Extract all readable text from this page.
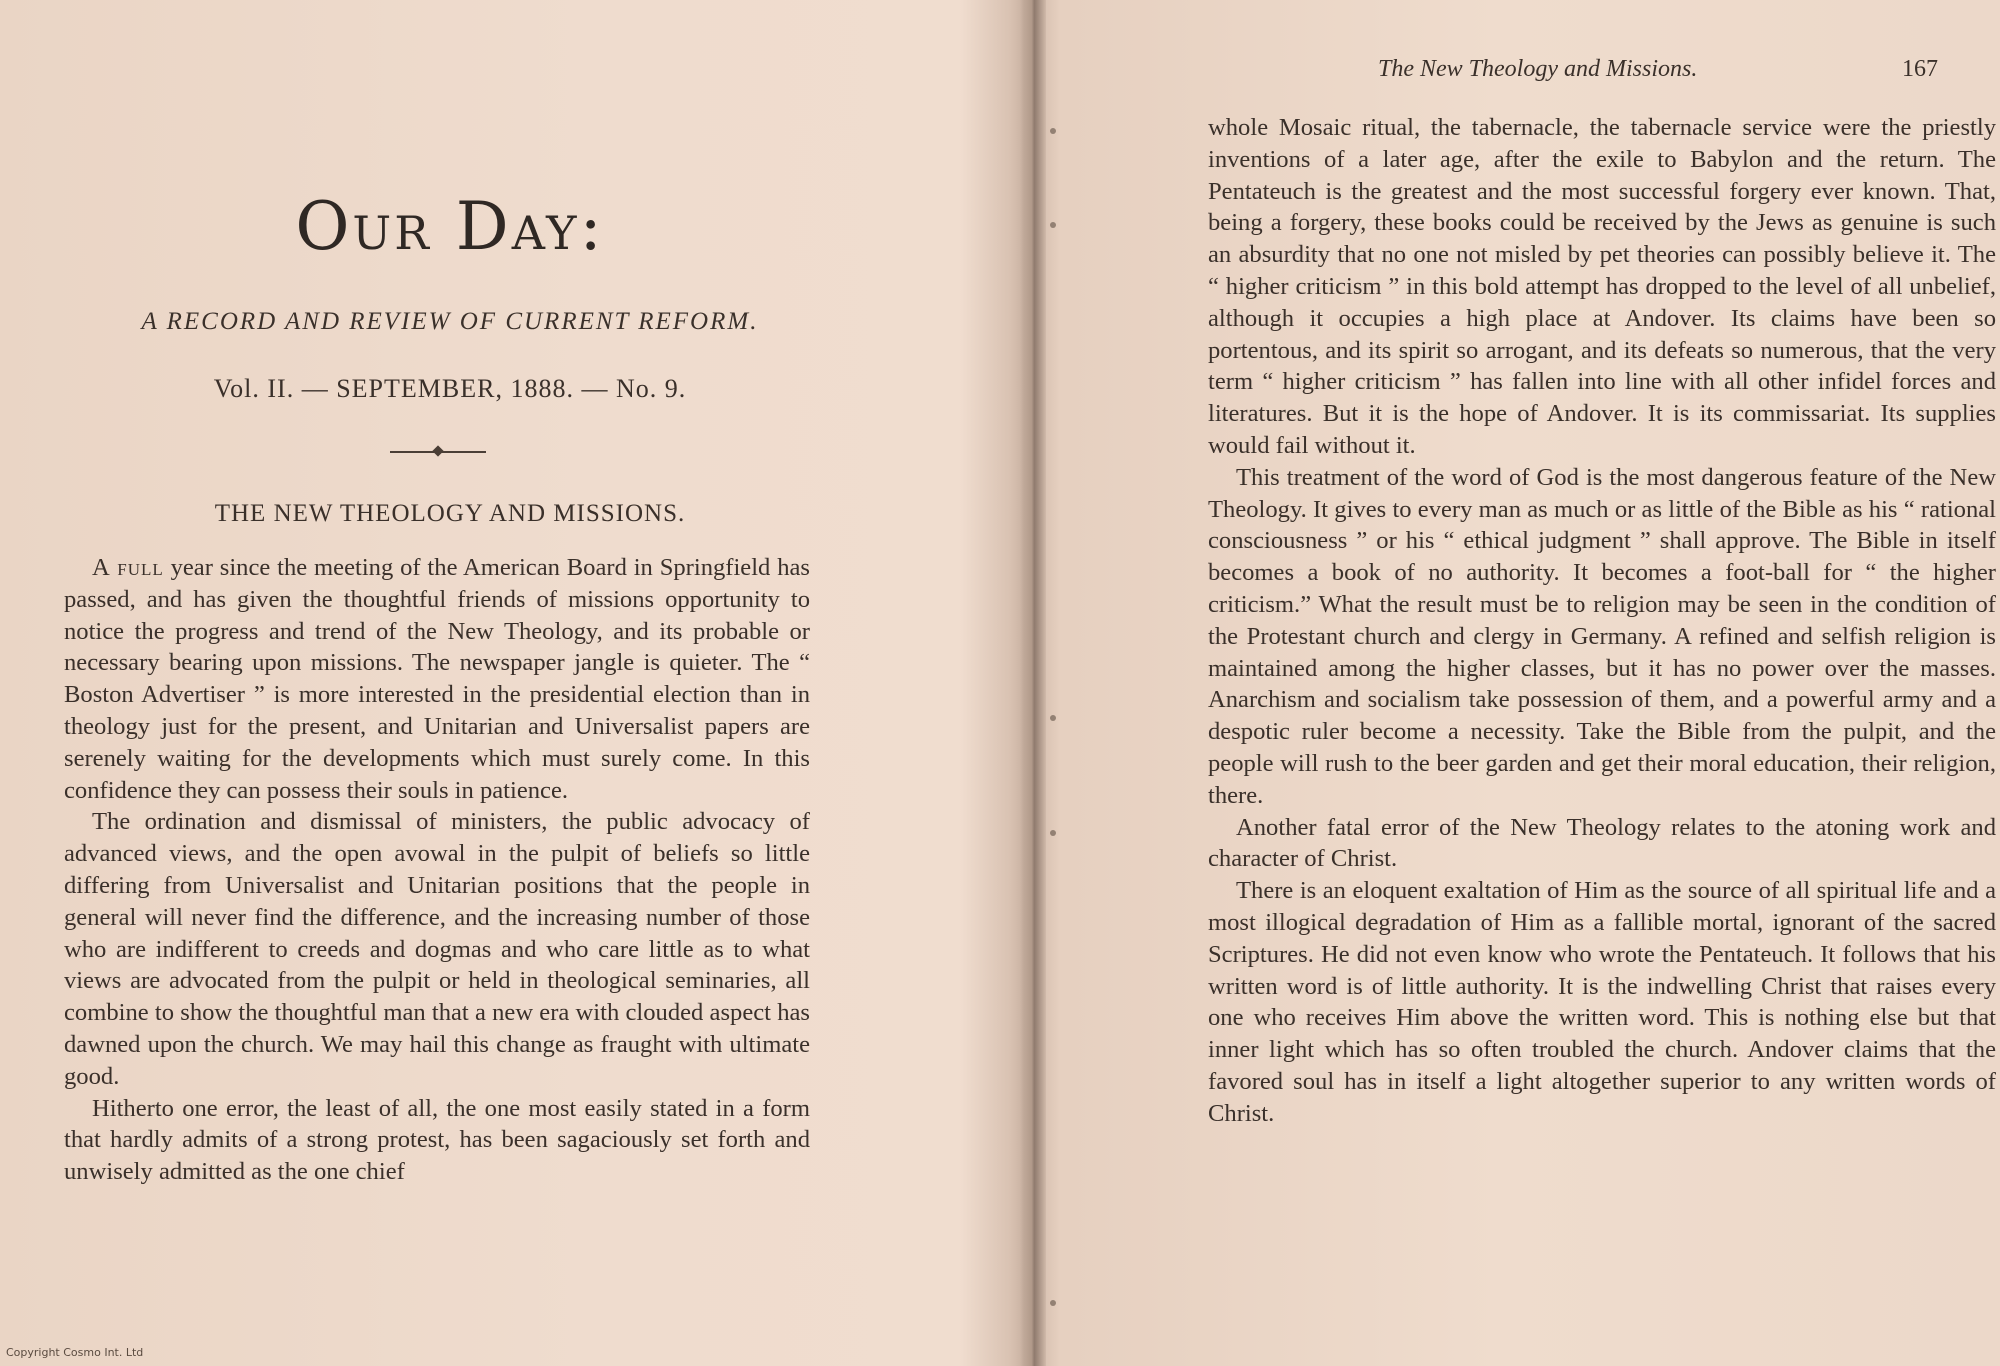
Our Day:
A RECORD AND REVIEW OF CURRENT REFORM.
Vol. II. — SEPTEMBER, 1888. — No. 9.
THE NEW THEOLOGY AND MISSIONS.

A full year since the meeting of the American Board in Springfield has passed, and has given the thoughtful friends of missions opportunity to notice the progress and trend of the New Theology, and its probable or necessary bearing upon missions. The newspaper jangle is quieter. The “ Boston Advertiser ” is more interested in the presidential election than in theology just for the present, and Unitarian and Universalist papers are serenely waiting for the developments which must surely come. In this confidence they can possess their souls in patience.

The ordination and dismissal of ministers, the public advocacy of advanced views, and the open avowal in the pulpit of beliefs so little differing from Universalist and Unitarian positions that the people in general will never find the difference, and the increasing number of those who are indifferent to creeds and dogmas and who care little as to what views are advocated from the pulpit or held in theological seminaries, all combine to show the thoughtful man that a new era with clouded aspect has dawned upon the church. We may hail this change as fraught with ultimate good.

Hitherto one error, the least of all, the one most easily stated in a form that hardly admits of a strong protest, has been sagaciously set forth and unwisely admitted as the one chief

The New Theology and Missions.	167

whole Mosaic ritual, the tabernacle, the tabernacle service were the priestly inventions of a later age, after the exile to Babylon and the return. The Pentateuch is the greatest and the most successful forgery ever known. That, being a forgery, these books could be received by the Jews as genuine is such an absurdity that no one not misled by pet theories can possibly believe it. The “ higher criticism ” in this bold attempt has dropped to the level of all unbelief, although it occupies a high place at Andover. Its claims have been so portentous, and its spirit so arrogant, and its defeats so numerous, that the very term “ higher criticism ” has fallen into line with all other infidel forces and literatures. But it is the hope of Andover. It is its commissariat. Its supplies would fail without it.

This treatment of the word of God is the most dangerous feature of the New Theology. It gives to every man as much or as little of the Bible as his “ rational consciousness ” or his “ ethical judgment ” shall approve. The Bible in itself becomes a book of no authority. It becomes a foot-ball for “ the higher criticism.” What the result must be to religion may be seen in the condition of the Protestant church and clergy in Germany. A refined and selfish religion is maintained among the higher classes, but it has no power over the masses. Anarchism and socialism take possession of them, and a powerful army and a despotic ruler become a necessity. Take the Bible from the pulpit, and the people will rush to the beer garden and get their moral education, their religion, there.

Another fatal error of the New Theology relates to the atoning work and character of Christ.

There is an eloquent exaltation of Him as the source of all spiritual life and a most illogical degradation of Him as a fallible mortal, ignorant of the sacred Scriptures. He did not even know who wrote the Pentateuch. It follows that his written word is of little authority. It is the indwelling Christ that raises every one who receives Him above the written word. This is nothing else but that inner light which has so often troubled the church. Andover claims that the favored soul has in itself a light altogether superior to any written words of Christ.

Copyright Cosmo Int. Ltd
